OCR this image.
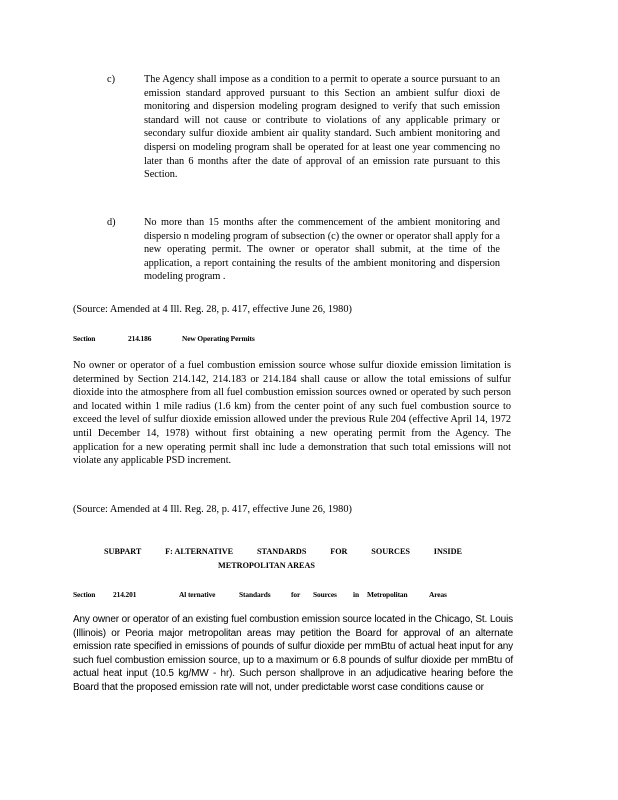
c)	The Agency shall impose as a condition to a permit to operate a source pursuant to an emission standard approved pursuant to this Section an ambient sulfur dioxi de monitoring and dispersion modeling program designed to verify that such emission standard will not cause or contribute to violations of any applicable primary or secondary sulfur dioxide ambient air quality standard. Such ambient monitoring and dispersi on modeling program shall be operated for at least one year commencing no later than 6 months after the date of approval of an emission rate pursuant to this Section.
d)	No more than 15 months after the commencement of the ambient monitoring and dispersio n modeling program of subsection (c) the owner or operator shall apply for a new operating permit. The owner or operator shall submit, at the time of the application, a report containing the results of the ambient monitoring and dispersion modeling program .
(Source: Amended at 4 Ill. Reg. 28, p. 417, effective June 26, 1980)
Section	214.186	New Operating Permits
No owner or operator of a fuel combustion emission source whose sulfur dioxide emission limitation is determined by Section 214.142, 214.183 or 214.184 shall cause or allow the total emissions of sulfur dioxide into the atmosphere from all fuel combustion emission sources owned or operated by such person and located within 1 mile radius (1.6 km) from the center point of any such fuel combustion source to exceed the level of sulfur dioxide emission allowed under the previous Rule 204 (effective April 14, 1972 until December 14, 1978) without first obtaining a new operating permit from the Agency. The application for a new operating permit shall inc lude a demonstration that such total emissions will not violate any applicable PSD increment.
(Source: Amended at 4 Ill. Reg. 28, p. 417, effective June 26, 1980)
SUBPART	F: ALTERNATIVE	STANDARDS	FOR	SOURCES	INSIDE
METROPOLITAN AREAS
Section 214.201	Al ternative	Standards	for Sources in Metropolitan	Areas
Any owner or operator of an existing fuel combustion emission source located in the Chicago, St. Louis (Illinois) or Peoria major metropolitan areas may petition the Board for approval of an alternate emission rate specified in emissions of pounds of sulfur dioxide per mmBtu of actual heat input for any such fuel combustion emission source, up to a maximum or 6.8 pounds of sulfur dioxide per mmBtu of actual heat input (10.5 kg/MW - hr). Such person shallprove in an adjudicative hearing before the Board that the proposed emission rate will not, under predictable worst case conditions cause or
